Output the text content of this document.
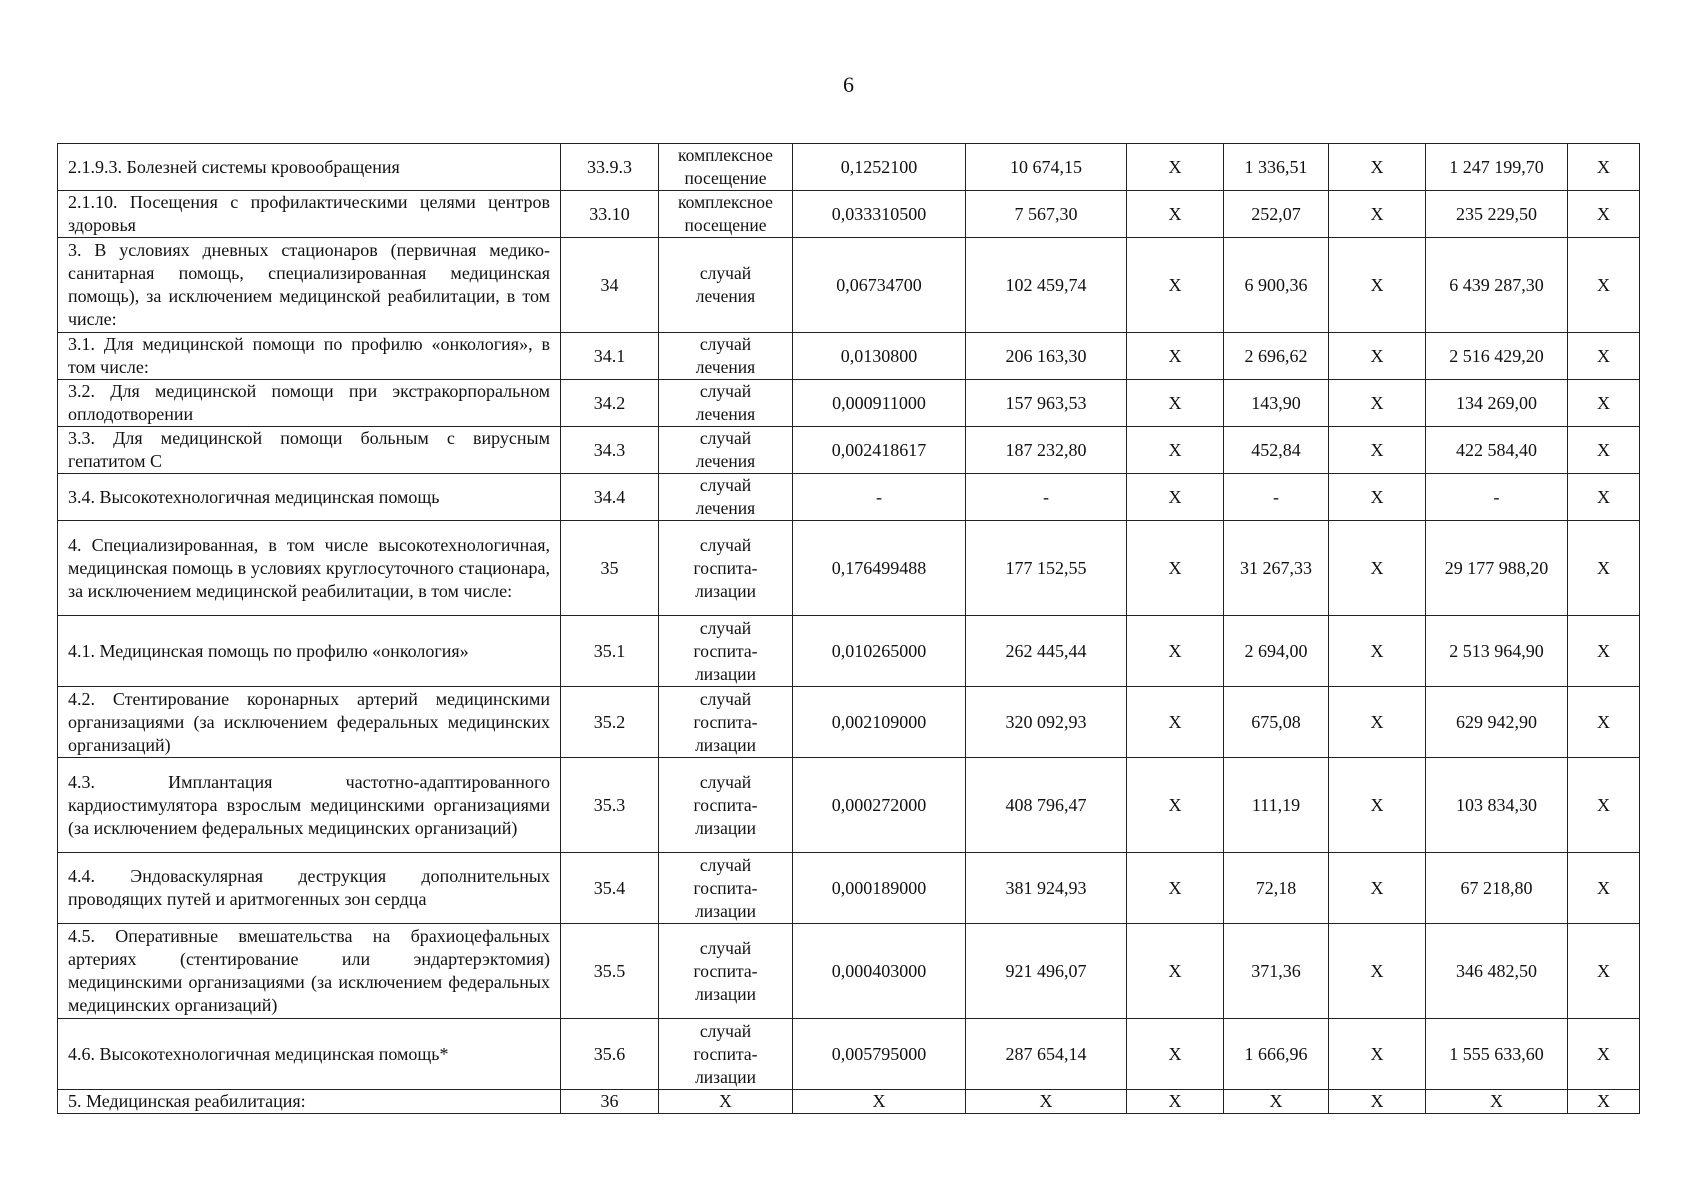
6
2.1.9.3. Болезней системы кровообращения	33.9.3	комплексное
посещение	0,1252100	10 674,15	X	1 336,51	X	1 247 199,70	X
2.1.10. Посещения с профилактическими целями центров здоровья	33.10	комплексное
посещение	0,033310500	7 567,30	X	252,07	X	235 229,50	X
3. В условиях дневных стационаров (первичная медико-санитарная помощь, специализированная медицинская помощь), за исключением медицинской реабилитации, в том числе:	34	случай
лечения	0,06734700	102 459,74	X	6 900,36	X	6 439 287,30	X
3.1. Для медицинской помощи по профилю «онкология», в том числе:	34.1	случай
лечения	0,0130800	206 163,30	X	2 696,62	X	2 516 429,20	X
3.2. Для медицинской помощи при экстракорпоральном оплодотворении	34.2	случай
лечения	0,000911000	157 963,53	X	143,90	X	134 269,00	X
3.3. Для медицинской помощи больным с вирусным гепатитом С	34.3	случай
лечения	0,002418617	187 232,80	X	452,84	X	422 584,40	X
3.4. Высокотехнологичная медицинская помощь	34.4	случай
лечения	-	-	X	-	X	-	X
4. Специализированная, в том числе высокотехнологичная, медицинская помощь в условиях круглосуточного стационара, за исключением медицинской реабилитации, в том числе:	35	случай
госпита-
лизации	0,176499488	177 152,55	X	31 267,33	X	29 177 988,20	X
4.1. Медицинская помощь по профилю «онкология»	35.1	случай
госпита-
лизации	0,010265000	262 445,44	X	2 694,00	X	2 513 964,90	X
4.2. Стентирование коронарных артерий медицинскими организациями (за исключением федеральных медицинских организаций)	35.2	случай
госпита-
лизации	0,002109000	320 092,93	X	675,08	X	629 942,90	X
4.3. Имплантация частотно-адаптированного кардиостимулятора взрослым медицинскими организациями (за исключением федеральных медицинских организаций)	35.3	случай
госпита-
лизации	0,000272000	408 796,47	X	111,19	X	103 834,30	X
4.4. Эндоваскулярная деструкция дополнительных проводящих путей и аритмогенных зон сердца	35.4	случай
госпита-
лизации	0,000189000	381 924,93	X	72,18	X	67 218,80	X
4.5. Оперативные вмешательства на брахиоцефальных артериях (стентирование или эндартерэктомия) медицинскими организациями (за исключением федеральных медицинских организаций)	35.5	случай
госпита-
лизации	0,000403000	921 496,07	X	371,36	X	346 482,50	X
4.6. Высокотехнологичная медицинская помощь*	35.6	случай
госпита-
лизации	0,005795000	287 654,14	X	1 666,96	X	1 555 633,60	X
5. Медицинская реабилитация:	36	X	X	X	X	X	X	X	X
